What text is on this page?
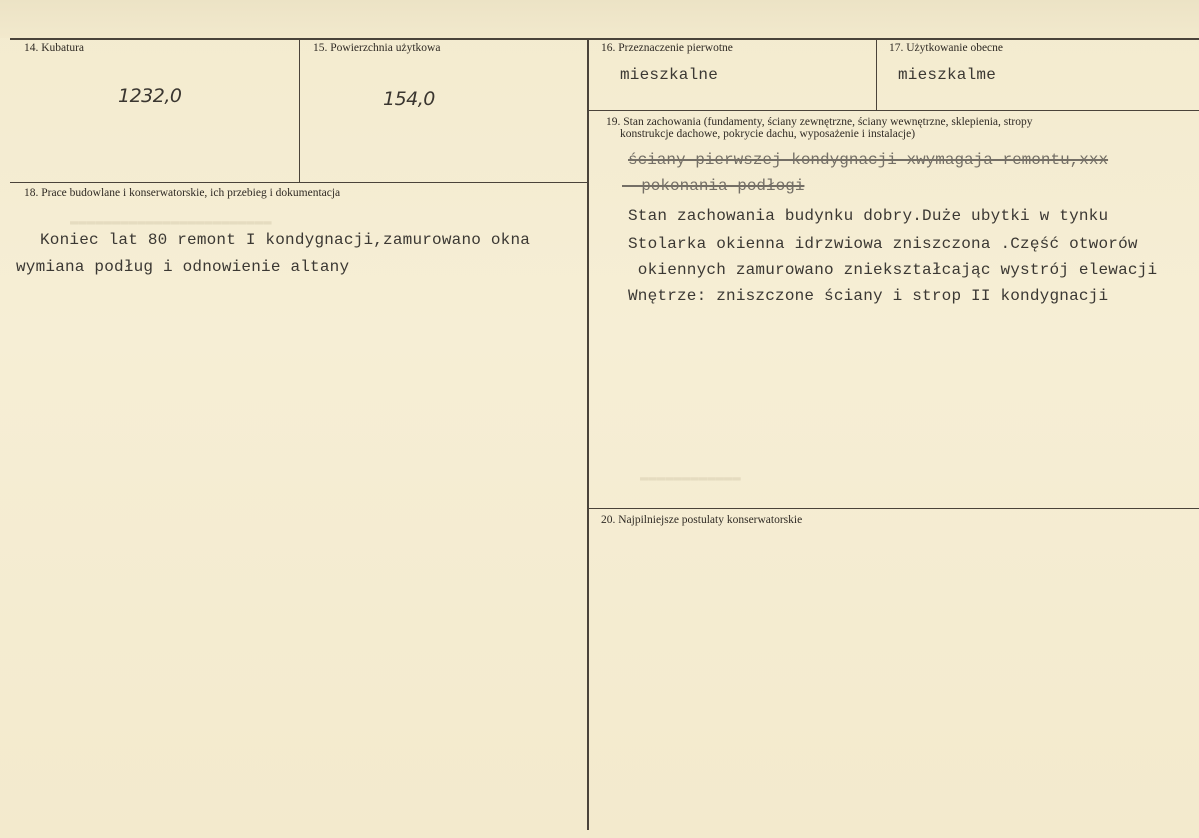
▬▬▬▬▬▬▬▬▬▬▬▬▬▬▬▬▬▬▬▬▬▬▬▬
▬▬▬▬▬▬▬▬▬▬▬▬
14. Kubatura
1232,0
15. Powierzchnia użytkowa
154,0
16. Przeznaczenie pierwotne
mieszkalne
17. Użytkowanie obecne
mieszkalme
18. Prace budowlane i konserwatorskie, ich przebieg i dokumentacja
Koniec lat 80 remont I kondygnacji,zamurowano okna
wymiana podług i odnowienie altany
19. Stan zachowania (fundamenty, ściany zewnętrzne, ściany wewnętrzne, sklepienia, stropy
konstrukcje dachowe, pokrycie dachu, wyposażenie i instalacje)
ściany pierwszej kondygnacji xwymagaja remontu,xxx
pokonania podłogi
Stan zachowania budynku dobry.Duże ubytki w tynku
Stolarka okienna idrzwiowa zniszczona .Część otworów
okiennych zamurowano zniekształcając wystrój elewacji
Wnętrze: zniszczone ściany i strop II kondygnacji
20. Najpilniejsze postulaty konserwatorskie
